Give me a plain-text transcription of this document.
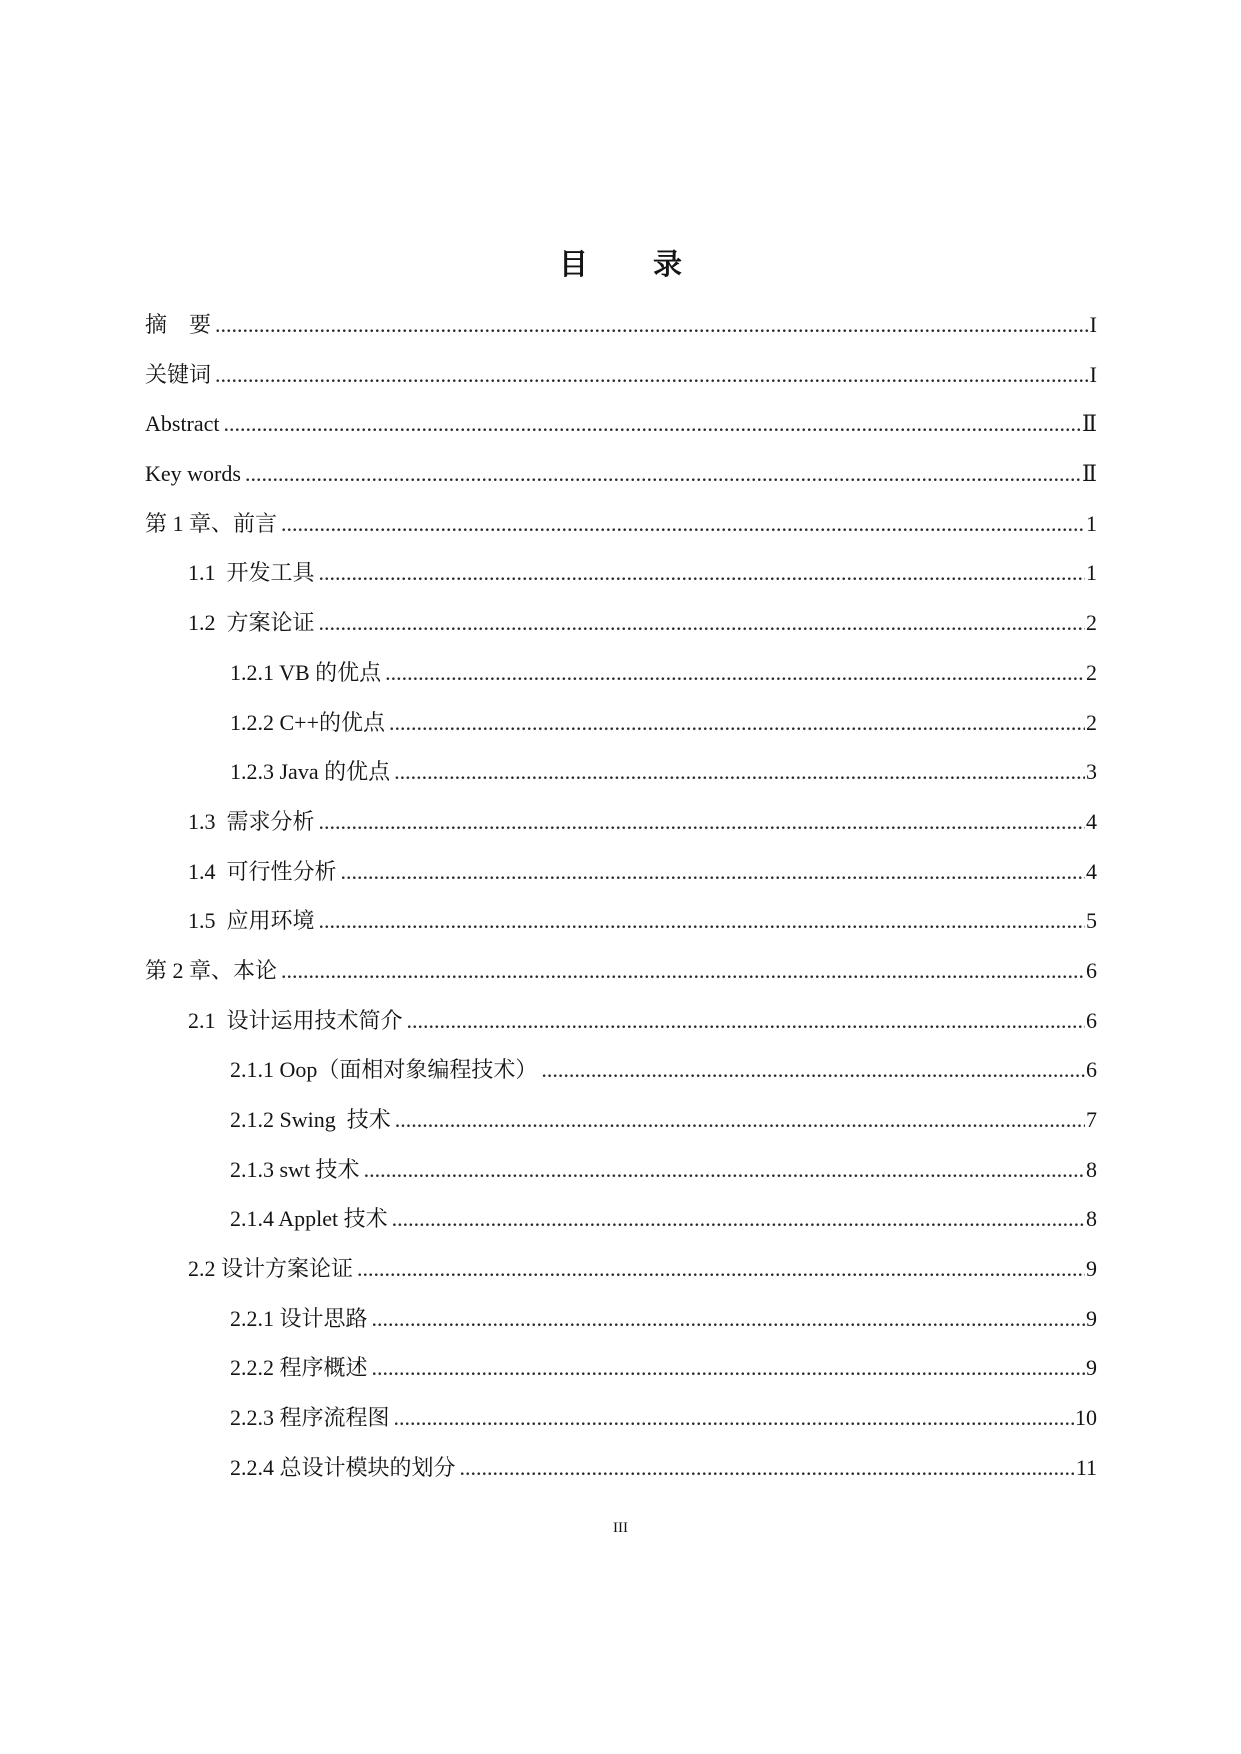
目　录
摘　要 .....	I
关键词 .....	I
Abstract .....	Ⅱ
Key words .....	Ⅱ
第 1 章、前言 .....	1
1.1  开发工具 .....	1
1.2  方案论证 .....	2
1.2.1 VB 的优点 .....	2
1.2.2 C++的优点 .....	2
1.2.3 Java 的优点 .....	3
1.3  需求分析 .....	4
1.4  可行性分析 .....	4
1.5  应用环境 .....	5
第 2 章、本论 .....	6
2.1  设计运用技术简介 .....	6
2.1.1 Oop（面相对象编程技术） .....	6
2.1.2 Swing  技术 .....	7
2.1.3 swt 技术 .....	8
2.1.4 Applet 技术 .....	8
2.2 设计方案论证 .....	9
2.2.1 设计思路 .....	9
2.2.2 程序概述 .....	9
2.2.3 程序流程图 .....	10
2.2.4 总设计模块的划分 .....	11
III
